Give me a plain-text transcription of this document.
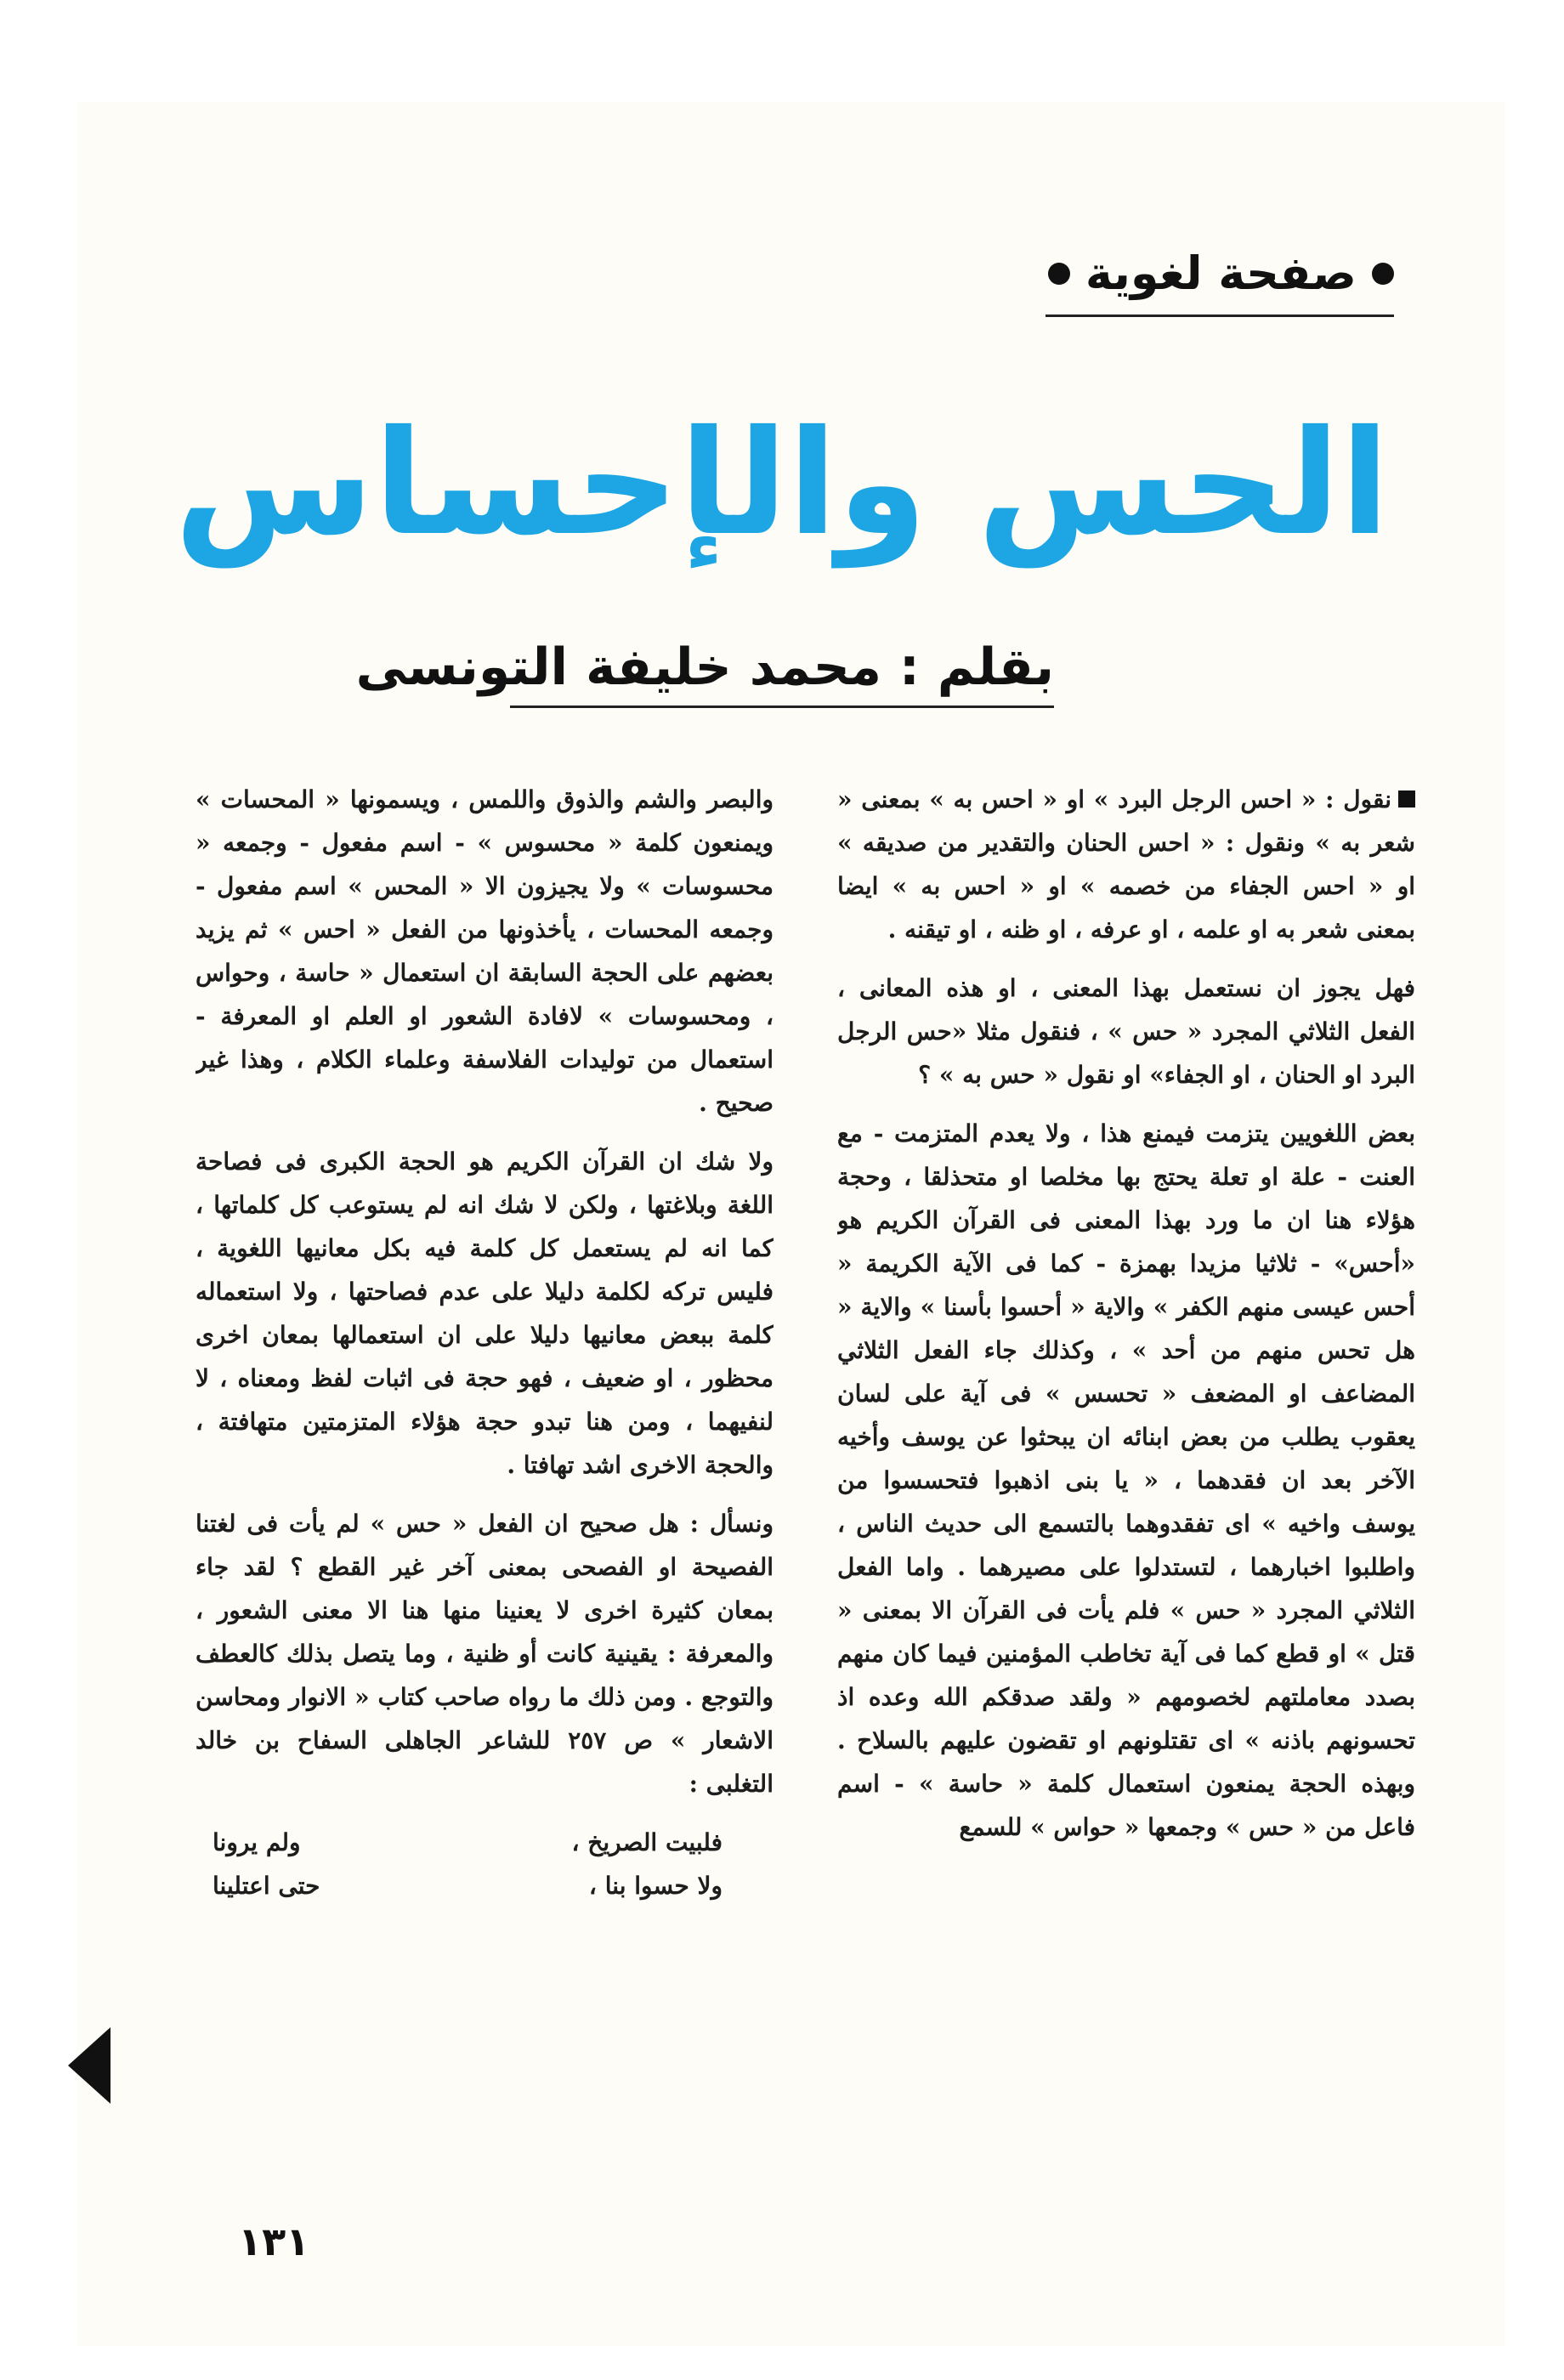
صفحة لغوية
الحس والإحساس
بقلم : محمد خليفة التونسى

نقول : « احس الرجل البرد » او « احس به » بمعنى « شعر به » ونقول : « احس الحنان والتقدير من صديقه » او « احس الجفاء من خصمه » او « احس به » ايضا بمعنى شعر به او علمه ، او عرفه ، او ظنه ، او تيقنه .

فهل يجوز ان نستعمل بهذا المعنى ، او هذه المعانى ، الفعل الثلاثي المجرد « حس » ، فنقول مثلا «حس الرجل البرد او الحنان ، او الجفاء» او نقول « حس به » ؟

بعض اللغويين يتزمت فيمنع هذا ، ولا يعدم المتزمت - مع العنت - علة او تعلة يحتج بها مخلصا او متحذلقا ، وحجة هؤلاء هنا ان ما ورد بهذا المعنى فى القرآن الكريم هو «أحس» - ثلاثيا مزيدا بهمزة - كما فى الآية الكريمة « أحس عيسى منهم الكفر » والاية « أحسوا بأسنا » والاية « هل تحس منهم من أحد » ، وكذلك جاء الفعل الثلاثي المضاعف او المضعف « تحسس » فى آية على لسان يعقوب يطلب من بعض ابنائه ان يبحثوا عن يوسف وأخيه الآخر بعد ان فقدهما ، « يا بنى اذهبوا فتحسسوا من يوسف واخيه » اى تفقدوهما بالتسمع الى حديث الناس ، واطلبوا اخبارهما ، لتستدلوا على مصيرهما . واما الفعل الثلاثي المجرد « حس » فلم يأت فى القرآن الا بمعنى « قتل » او قطع كما فى آية تخاطب المؤمنين فيما كان منهم بصدد معاملتهم لخصومهم « ولقد صدقكم الله وعده اذ تحسونهم باذنه » اى تقتلونهم او تقضون عليهم بالسلاح . وبهذه الحجة يمنعون استعمال كلمة « حاسة » - اسم فاعل من « حس » وجمعها « حواس » للسمع

والبصر والشم والذوق واللمس ، ويسمونها « المحسات » ويمنعون كلمة « محسوس » - اسم مفعول - وجمعه « محسوسات » ولا يجيزون الا « المحس » اسم مفعول - وجمعه المحسات ، يأخذونها من الفعل « احس » ثم يزيد بعضهم على الحجة السابقة ان استعمال « حاسة ، وحواس ، ومحسوسات » لافادة الشعور او العلم او المعرفة - استعمال من توليدات الفلاسفة وعلماء الكلام ، وهذا غير صحيح .

ولا شك ان القرآن الكريم هو الحجة الكبرى فى فصاحة اللغة وبلاغتها ، ولكن لا شك انه لم يستوعب كل كلماتها ، كما انه لم يستعمل كل كلمة فيه بكل معانيها اللغوية ، فليس تركه لكلمة دليلا على عدم فصاحتها ، ولا استعماله كلمة ببعض معانيها دليلا على ان استعمالها بمعان اخرى محظور ، او ضعيف ، فهو حجة فى اثبات لفظ ومعناه ، لا لنفيهما ، ومن هنا تبدو حجة هؤلاء المتزمتين متهافتة ، والحجة الاخرى اشد تهافتا .

ونسأل : هل صحيح ان الفعل « حس » لم يأت فى لغتنا الفصيحة او الفصحى بمعنى آخر غير القطع ؟ لقد جاء بمعان كثيرة اخرى لا يعنينا منها هنا الا معنى الشعور ، والمعرفة : يقينية كانت أو ظنية ، وما يتصل بذلك كالعطف والتوجع . ومن ذلك ما رواه صاحب كتاب « الانوار ومحاسن الاشعار » ص ٢٥٧ للشاعر الجاهلى السفاح بن خالد التغلبى :

فلبيت الصريخ ،
ولم يرونا
ولا حسوا بنا ،
حتى اعتلينا
١٣١
